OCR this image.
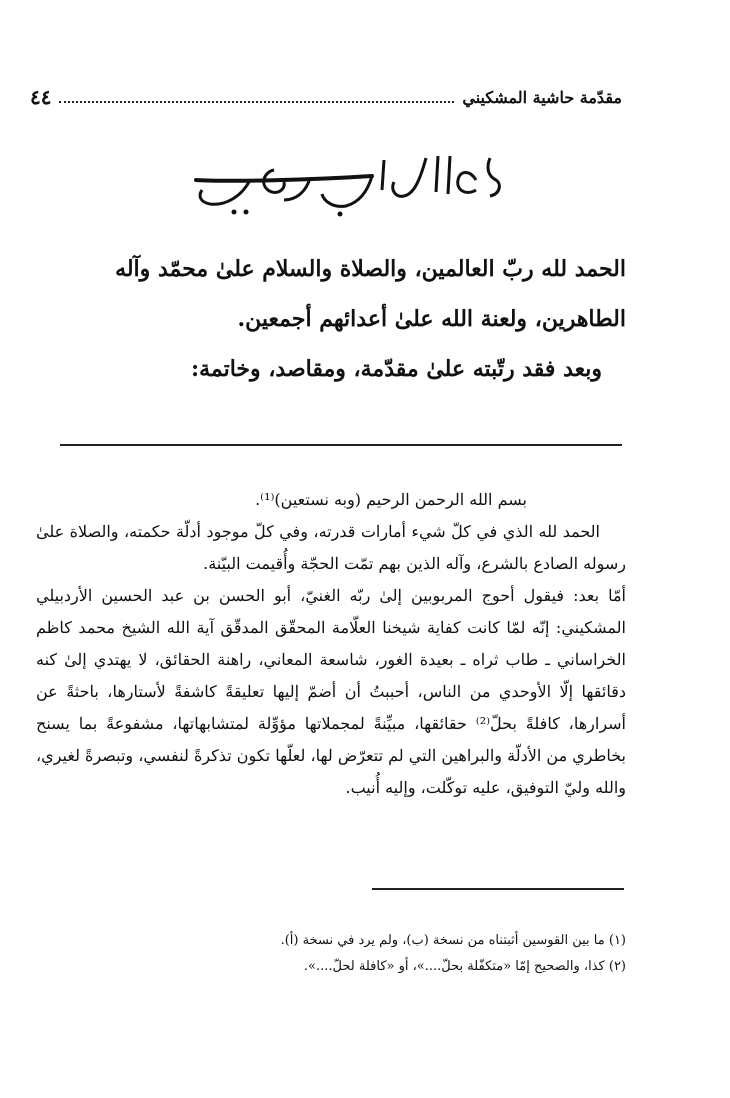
٤٤	مقدّمة حاشية المشكيني
بسم الله الرحمن الرحيم

الحمد لله ربّ العالمين، والصلاة والسلام علىٰ محمّد وآله

الطاهرين، ولعنة الله علىٰ أعدائهم أجمعين.

وبعد فقد رتّبته علىٰ مقدّمة، ومقاصد، وخاتمة:

بسم الله الرحمن الرحيم (وبه نستعين)⁽¹⁾.

الحمد لله الذي في كلّ شيء أمارات قدرته، وفي كلّ موجود أدلّة حكمته، والصلاة علىٰ رسوله الصادع بالشرع، وآله الذين بهم تمّت الحجّة وأُقيمت البيّنة.

أمّا بعد: فيقول أحوج المربوبين إلىٰ ربّه الغنيّ، أبو الحسن بن عبد الحسين الأردبيلي المشكيني: إنّه لمّا كانت كفاية شيخنا العلّامة المحقّق المدقّق آية الله الشيخ محمد كاظم الخراساني ـ طاب ثراه ـ بعيدة الغور، شاسعة المعاني، راهنة الحقائق، لا يهتدي إلىٰ كنه دقائقها إلّا الأوحدي من الناس، أحببتُ أن أضمّ إليها تعليقةً كاشفةً لأستارها، باحثةً عن أسرارها، كافلةً بحلّ⁽²⁾ حقائقها، مبيِّنةً لمجملاتها مؤوِّلة لمتشابهاتها، مشفوعةً بما يسنح بخاطري من الأدلّة والبراهين التي لم تتعرّض لها، لعلّها تكون تذكرةً لنفسي، وتبصرةً لغيري، والله وليّ التوفيق، عليه توكّلت، وإليه أُنيب.

(١) ما بين القوسين أثبتناه من نسخة (ب)، ولم يرد في نسخة (أ).

(٢) كذا، والصحيح إمّا «متكفّلة بحلّ....»، أو «كافلة لحلّ....».
